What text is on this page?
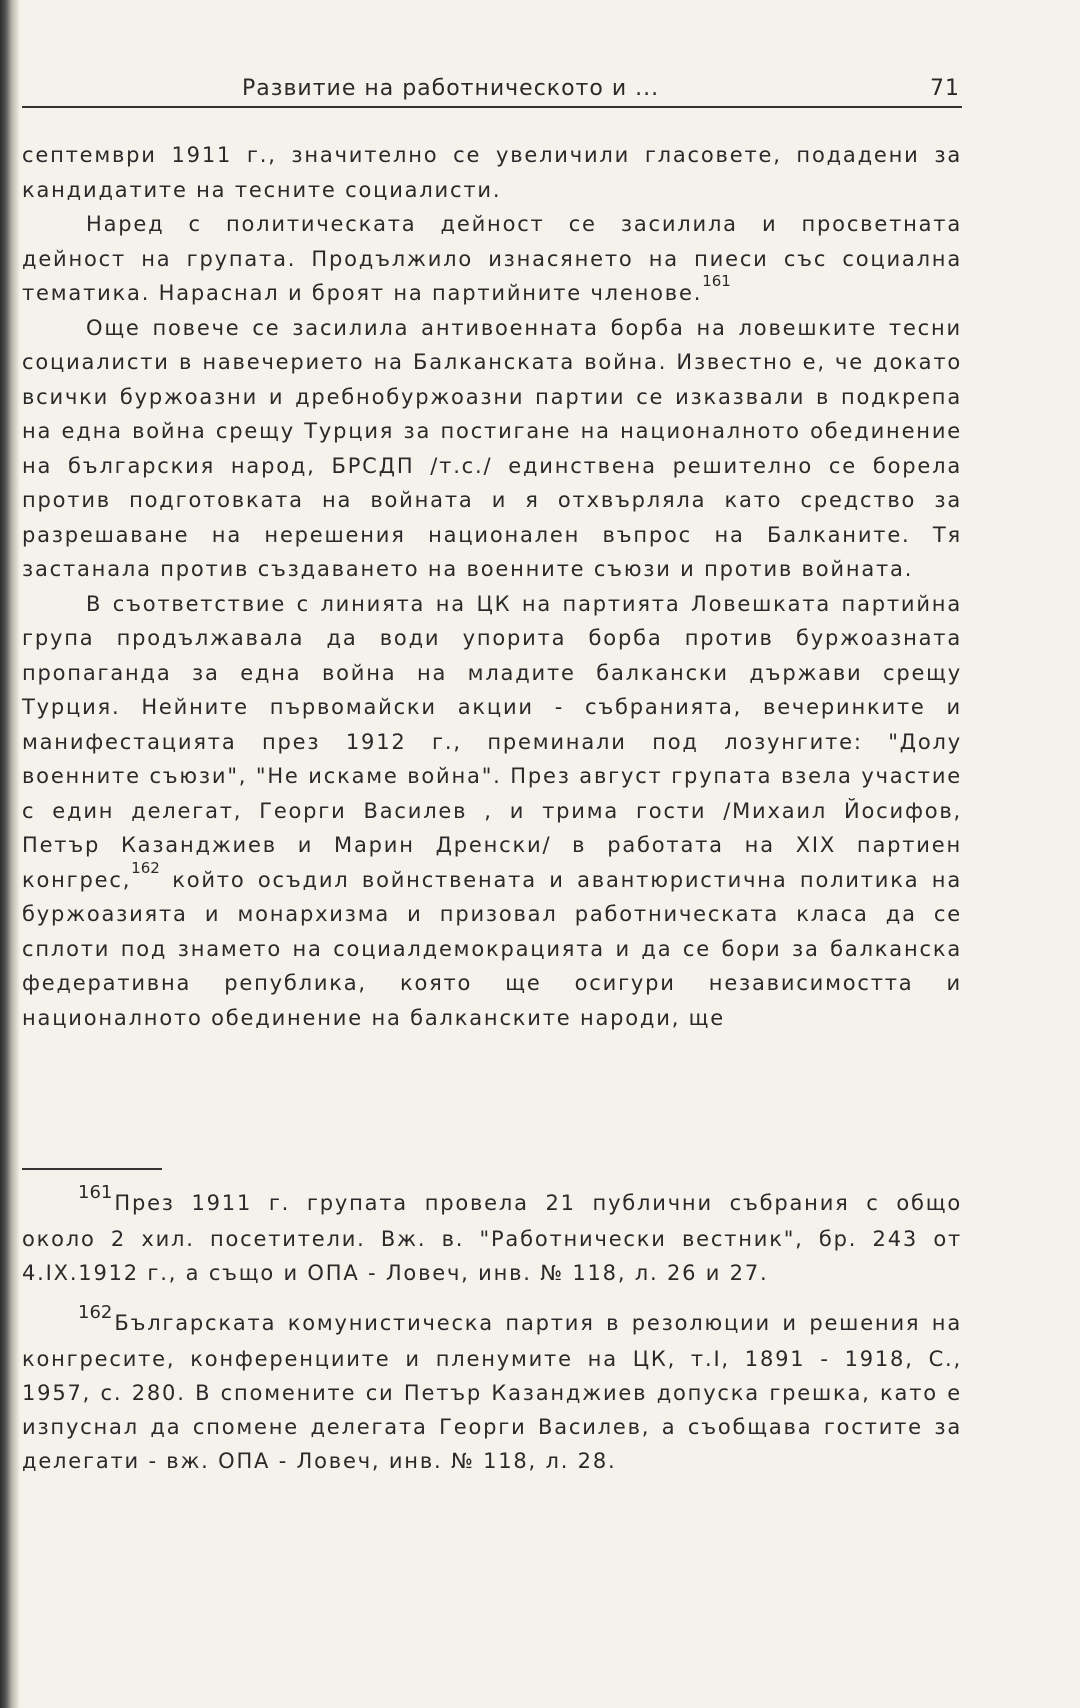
Развитие на работническото и ...	71

септември 1911 г., значително се увеличили гласовете, подадени за кандидатите на тесните социалисти.

Наред с политическата дейност се засилила и просветната дейност на групата. Продължило изнасянето на пиеси със социална тематика. Нараснал и броят на партийните членове.$^{161}$

Още повече се засилила антивоенната борба на ловешките тесни социалисти в навечерието на Балканската война. Известно е, че докато всички буржоазни и дребнобуржоазни партии се изказвали в подкрепа на една война срещу Турция за постигане на националното обединение на българския народ, БРСДП /т.с./ единствена решително се борела против подготовката на войната и я отхвърляла като средство за разрешаване на нерешения национален въпрос на Балканите. Тя застанала против създаването на военните съюзи и против войната.

В съответствие с линията на ЦК на партията Ловешката партийна група продължавала да води упорита борба против буржоазната пропаганда за една война на младите балкански държави срещу Турция. Нейните първомайски акции - събранията, вечеринките и манифестацията през 1912 г., преминали под лозунгите: "Долу военните съюзи", "Не искаме война". През август групата взела участие с един делегат, Георги Василев , и трима гости /Михаил Йосифов, Петър Казанджиев и Марин Дренски/ в работата на XIX партиен конгрес,$^{162}$ който осъдил войнствената и авантюристична политика на буржоазията и монархизма и призовал работническата класа да се сплоти под знамето на социалдемокрацията и да се бори за балканска федеративна република, която ще осигури независимостта и националното обединение на балканските народи, ще

161През 1911 г. групата провела 21 публични събрания с общо около 2 хил. посетители. Вж. в. "Работнически вестник", бр. 243 от 4.IX.1912 г., а също и ОПА - Ловеч, инв. № 118, л. 26 и 27.

162Българската комунистическа партия в резолюции и решения на конгресите, конференциите и пленумите на ЦК, т.I, 1891 - 1918, С., 1957, с. 280. В спомените си Петър Казанджиев допуска грешка, като е изпуснал да спомене делегата Георги Василев, а съобщава гостите за делегати - вж. ОПА - Ловеч, инв. № 118, л. 28.
